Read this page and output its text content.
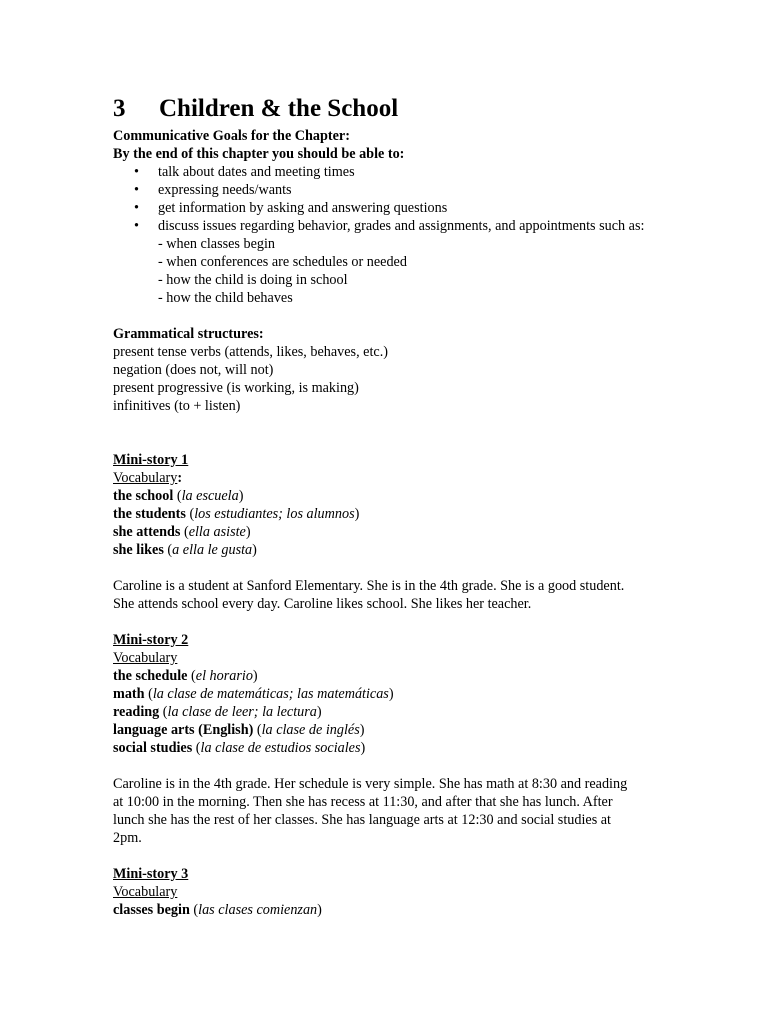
3 Children & the School
Communicative Goals for the Chapter:
By the end of this chapter you should be able to:
• talk about dates and meeting times
• expressing needs/wants
• get information by asking and answering questions
• discuss issues regarding behavior, grades and assignments, and appointments such as:
- when classes begin
- when conferences are schedules or needed
- how the child is doing in school
- how the child behaves
Grammatical structures:
present tense verbs (attends, likes, behaves, etc.)
negation (does not, will not)
present progressive (is working, is making)
infinitives (to + listen)
Mini-story 1
Vocabulary:
the school (la escuela)
the students (los estudiantes; los alumnos)
she attends (ella asiste)
she likes (a ella le gusta)
Caroline is a student at Sanford Elementary. She is in the 4th grade. She is a good student. She attends school every day. Caroline likes school. She likes her teacher.
Mini-story 2
Vocabulary
the schedule (el horario)
math (la clase de matemáticas; las matemáticas)
reading (la clase de leer; la lectura)
language arts (English) (la clase de inglés)
social studies (la clase de estudios sociales)
Caroline is in the 4th grade. Her schedule is very simple. She has math at 8:30 and reading at 10:00 in the morning. Then she has recess at 11:30, and after that she has lunch. After lunch she has the rest of her classes. She has language arts at 12:30 and social studies at 2pm.
Mini-story 3
Vocabulary
classes begin (las clases comienzan)
